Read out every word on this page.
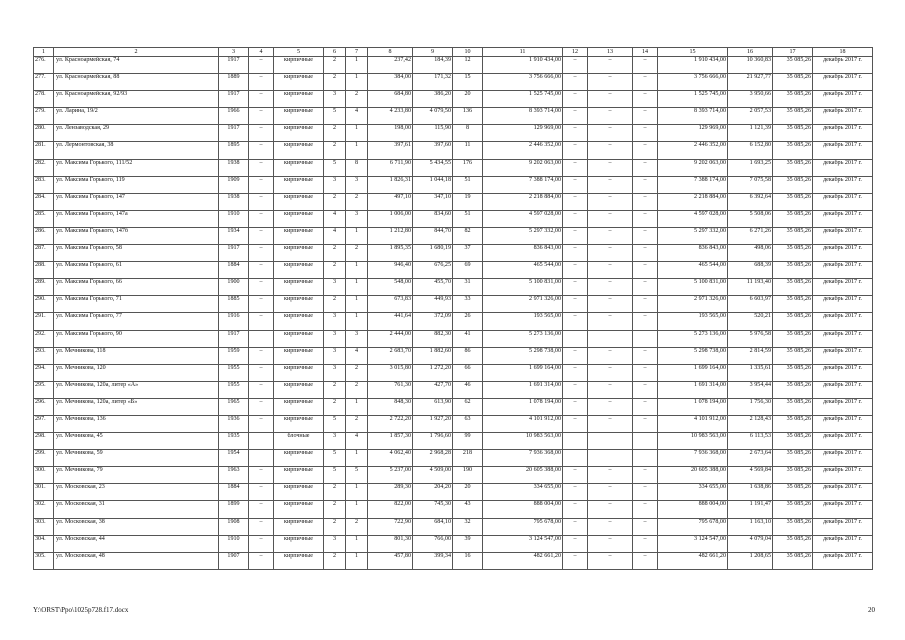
1	2	3	4	5	6	7	8	9	10	11	12	13	14	15	16	17	18
276.	ул. Красноармейская, 74	1917	–	кирпичные	2	1	237,42	184,39	12	1 910 434,00	–	–	–	1 910 434,00	10 360,83	35 085,26	декабрь 2017 г.
277.	ул. Красноармейская, 88	1889	–	кирпичные	2	1	384,00	171,32	15	3 756 666,00	–	–	–	3 756 666,00	21 927,77	35 085,26	декабрь 2017 г.
278.	ул. Красноармейская, 92/93	1917	–	кирпичные	3	2	684,80	386,20	20	1 525 745,00	–	–	–	1 525 745,00	3 950,66	35 085,26	декабрь 2017 г.
279.	ул. Ларина, 19/2	1966	–	кирпичные	5	4	4 233,80	4 079,50	136	8 393 714,00	–	–	–	8 393 714,00	2 057,53	35 085,26	декабрь 2017 г.
280.	ул. Лензаводская, 29	1917	–	кирпичные	2	1	198,00	115,90	8	129 969,00	–	–	–	129 969,00	1 121,39	35 085,26	декабрь 2017 г.
281.	ул. Лермонтовская, 38	1895	–	кирпичные	2	1	397,61	397,60	11	2 446 352,00	–	–	–	2 446 352,00	6 152,80	35 085,26	декабрь 2017 г.
282.	ул. Максима Горького, 111/52	1938	–	кирпичные	5	8	6 711,90	5 434,55	176	9 202 063,00	–	–	–	9 202 063,00	1 693,25	35 085,26	декабрь 2017 г.
283.	ул. Максима Горького, 119	1909	–	кирпичные	3	3	1 826,31	1 044,18	51	7 388 174,00	–	–	–	7 388 174,00	7 075,58	35 085,26	декабрь 2017 г.
284.	ул. Максима Горького, 147	1938	–	кирпичные	2	2	497,10	347,10	19	2 218 884,00	–	–	–	2 218 884,00	6 392,64	35 085,26	декабрь 2017 г.
285.	ул. Максима Горького, 147а	1910	–	кирпичные	4	3	1 006,00	834,60	51	4 597 028,00	–	–	–	4 597 028,00	5 508,06	35 085,26	декабрь 2017 г.
286.	ул. Максима Горького, 147б	1934	–	кирпичные	4	1	1 212,80	844,70	82	5 297 332,00	–	–	–	5 297 332,00	6 271,26	35 085,26	декабрь 2017 г.
287.	ул. Максима Горького, 58	1917	–	кирпичные	2	2	1 895,35	1 680,19	37	836 843,00	–	–	–	836 843,00	498,06	35 085,26	декабрь 2017 г.
288.	ул. Максима Горького, 61	1884	–	кирпичные	2	1	946,40	676,25	69	465 544,00	–	–	–	465 544,00	688,39	35 085,26	декабрь 2017 г.
289.	ул. Максима Горького, 66	1900	–	кирпичные	3	1	548,00	455,70	31	5 100 831,00	–	–	–	5 100 831,00	11 193,40	35 085,26	декабрь 2017 г.
290.	ул. Максима Горького, 71	1885	–	кирпичные	2	1	673,83	449,93	33	2 971 326,00	–	–	–	2 971 326,00	6 603,97	35 085,26	декабрь 2017 г.
291.	ул. Максима Горького, 77	1916	–	кирпичные	3	1	441,64	372,09	26	193 565,00	–	–	–	193 565,00	520,21	35 085,26	декабрь 2017 г.
292.	ул. Максима Горького, 90	1917		кирпичные	3	3	2 444,00	882,30	41	5 273 136,00				5 273 136,00	5 976,58	35 085,26	декабрь 2017 г.
293.	ул. Мечникова, 118	1959	–	кирпичные	3	4	2 683,70	1 882,60	86	5 298 738,00	–	–	–	5 298 738,00	2 814,59	35 085,26	декабрь 2017 г.
294.	ул. Мечникова, 120	1955	–	кирпичные	3	2	3 015,80	1 272,20	66	1 699 164,00	–	–	–	1 699 164,00	1 335,61	35 085,26	декабрь 2017 г.
295.	ул. Мечникова, 120а, литер «А»	1955	–	кирпичные	2	2	761,30	427,70	46	1 691 314,00	–	–	–	1 691 314,00	3 954,44	35 085,26	декабрь 2017 г.
296.	ул. Мечникова, 120а, литер «Б»	1965	–	кирпичные	2	1	848,30	613,90	62	1 078 194,00	–	–	–	1 078 194,00	1 756,30	35 085,26	декабрь 2017 г.
297.	ул. Мечникова, 136	1936	–	кирпичные	5	2	2 722,20	1 927,20	63	4 101 912,00	–	–	–	4 101 912,00	2 128,43	35 085,26	декабрь 2017 г.
298.	ул. Мечникова, 45	1935		блочные	3	4	1 857,30	1 796,60	99	10 983 563,00				10 983 563,00	6 113,53	35 085,26	декабрь 2017 г.
299.	ул. Мечникова, 59	1954		кирпичные	5	1	4 062,40	2 968,28	218	7 936 368,00				7 936 368,00	2 673,64	35 085,26	декабрь 2017 г.
300.	ул. Мечникова, 79	1963	–	кирпичные	5	5	5 237,00	4 509,00	190	20 605 388,00	–	–	–	20 605 388,00	4 569,84	35 085,26	декабрь 2017 г.
301.	ул. Московская, 23	1884	–	кирпичные	2	1	289,30	204,20	20	334 655,00	–	–	–	334 655,00	1 638,86	35 085,26	декабрь 2017 г.
302.	ул. Московская, 31	1899	–	кирпичные	2	1	822,00	745,30	43	888 004,00	–	–	–	888 004,00	1 191,47	35 085,26	декабрь 2017 г.
303.	ул. Московская, 38	1908	–	кирпичные	2	2	722,90	684,10	32	795 678,00	–	–	–	795 678,00	1 163,10	35 085,26	декабрь 2017 г.
304.	ул. Московская, 44	1910	–	кирпичные	3	1	801,30	766,00	39	3 124 547,00	–	–	–	3 124 547,00	4 079,04	35 085,26	декабрь 2017 г.
305.	ул. Московская, 48	1907	–	кирпичные	2	1	457,80	399,34	16	482 661,20	–	–	–	482 661,20	1 208,65	35 085,26	декабрь 2017 г.
Y:\ORST\Ppo\1025p728.f17.docx	20
